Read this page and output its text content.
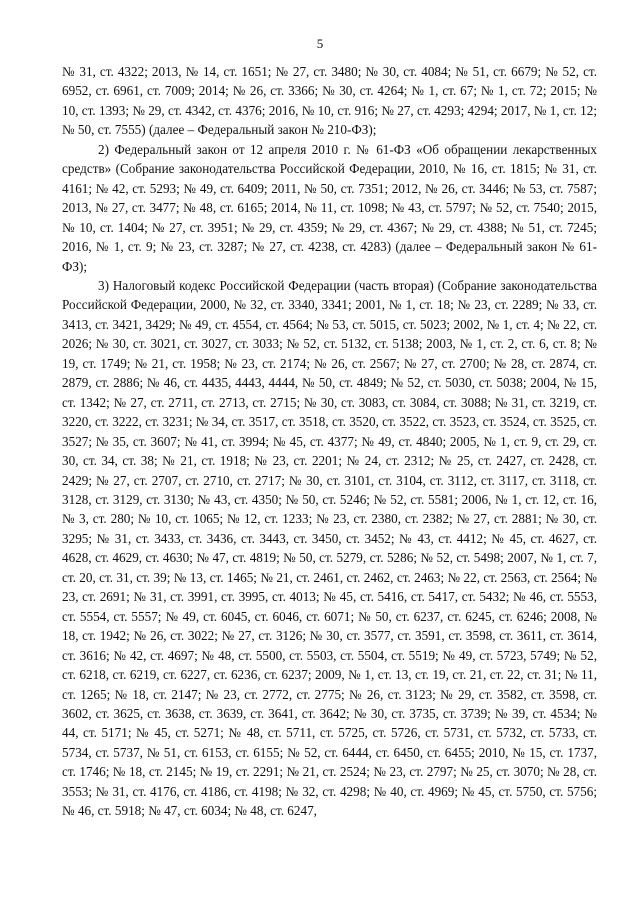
5

№ 31, ст. 4322; 2013, № 14, ст. 1651; № 27, ст. 3480; № 30, ст. 4084; № 51, ст. 6679; № 52, ст. 6952, ст. 6961, ст. 7009; 2014; № 26, ст. 3366; № 30, ст. 4264; № 1, ст. 67; № 1, ст. 72; 2015; № 10, ст. 1393; № 29, ст. 4342, ст. 4376; 2016, № 10, ст. 916; № 27, ст. 4293; 4294; 2017, № 1, ст. 12; № 50, ст. 7555) (далее – Федеральный закон № 210-ФЗ);

2) Федеральный закон от 12 апреля 2010 г. № 61-ФЗ «Об обращении лекарственных средств» (Собрание законодательства Российской Федерации, 2010, № 16, ст. 1815; № 31, ст. 4161; № 42, ст. 5293; № 49, ст. 6409; 2011, № 50, ст. 7351; 2012, № 26, ст. 3446; № 53, ст. 7587; 2013, № 27, ст. 3477; № 48, ст. 6165; 2014, № 11, ст. 1098; № 43, ст. 5797; № 52, ст. 7540; 2015, № 10, ст. 1404; № 27, ст. 3951; № 29, ст. 4359; № 29, ст. 4367; № 29, ст. 4388; № 51, ст. 7245; 2016, № 1, ст. 9; № 23, ст. 3287; № 27, ст. 4238, ст. 4283) (далее – Федеральный закон № 61-ФЗ);

3) Налоговый кодекс Российской Федерации (часть вторая) (Собрание законодательства Российской Федерации, 2000, № 32, ст. 3340, 3341; 2001, № 1, ст. 18; № 23, ст. 2289; № 33, ст. 3413, ст. 3421, 3429; № 49, ст. 4554, ст. 4564; № 53, ст. 5015, ст. 5023; 2002, № 1, ст. 4; № 22, ст. 2026; № 30, ст. 3021, ст. 3027, ст. 3033; № 52, ст. 5132, ст. 5138; 2003, № 1, ст. 2, ст. 6, ст. 8; № 19, ст. 1749; № 21, ст. 1958; № 23, ст. 2174; № 26, ст. 2567; № 27, ст. 2700; № 28, ст. 2874, ст. 2879, ст. 2886; № 46, ст. 4435, 4443, 4444, № 50, ст. 4849; № 52, ст. 5030, ст. 5038; 2004, № 15, ст. 1342; № 27, ст. 2711, ст. 2713, ст. 2715; № 30, ст. 3083, ст. 3084, ст. 3088; № 31, ст. 3219, ст. 3220, ст. 3222, ст. 3231; № 34, ст. 3517, ст. 3518, ст. 3520, ст. 3522, ст. 3523, ст. 3524, ст. 3525, ст. 3527; № 35, ст. 3607; № 41, ст. 3994; № 45, ст. 4377; № 49, ст. 4840; 2005, № 1, ст. 9, ст. 29, ст. 30, ст. 34, ст. 38; № 21, ст. 1918; № 23, ст. 2201; № 24, ст. 2312; № 25, ст. 2427, ст. 2428, ст. 2429; № 27, ст. 2707, ст. 2710, ст. 2717; № 30, ст. 3101, ст. 3104, ст. 3112, ст. 3117, ст. 3118, ст. 3128, ст. 3129, ст. 3130; № 43, ст. 4350; № 50, ст. 5246; № 52, ст. 5581; 2006, № 1, ст. 12, ст. 16, № 3, ст. 280; № 10, ст. 1065; № 12, ст. 1233; № 23, ст. 2380, ст. 2382; № 27, ст. 2881; № 30, ст. 3295; № 31, ст. 3433, ст. 3436, ст. 3443, ст. 3450, ст. 3452; № 43, ст. 4412; № 45, ст. 4627, ст. 4628, ст. 4629, ст. 4630; № 47, ст. 4819; № 50, ст. 5279, ст. 5286; № 52, ст. 5498; 2007, № 1, ст. 7, ст. 20, ст. 31, ст. 39; № 13, ст. 1465; № 21, ст. 2461, ст. 2462, ст. 2463; № 22, ст. 2563, ст. 2564; № 23, ст. 2691; № 31, ст. 3991, ст. 3995, ст. 4013; № 45, ст. 5416, ст. 5417, ст. 5432; № 46, ст. 5553, ст. 5554, ст. 5557; № 49, ст. 6045, ст. 6046, ст. 6071; № 50, ст. 6237, ст. 6245, ст. 6246; 2008, № 18, ст. 1942; № 26, ст. 3022; № 27, ст. 3126; № 30, ст. 3577, ст. 3591, ст. 3598, ст. 3611, ст. 3614, ст. 3616; № 42, ст. 4697; № 48, ст. 5500, ст. 5503, ст. 5504, ст. 5519; № 49, ст. 5723, 5749; № 52, ст. 6218, ст. 6219, ст. 6227, ст. 6236, ст. 6237; 2009, № 1, ст. 13, ст. 19, ст. 21, ст. 22, ст. 31; № 11, ст. 1265; № 18, ст. 2147; № 23, ст. 2772, ст. 2775; № 26, ст. 3123; № 29, ст. 3582, ст. 3598, ст. 3602, ст. 3625, ст. 3638, ст. 3639, ст. 3641, ст. 3642; № 30, ст. 3735, ст. 3739; № 39, ст. 4534; № 44, ст. 5171; № 45, ст. 5271; № 48, ст. 5711, ст. 5725, ст. 5726, ст. 5731, ст. 5732, ст. 5733, ст. 5734, ст. 5737, № 51, ст. 6153, ст. 6155; № 52, ст. 6444, ст. 6450, ст. 6455; 2010, № 15, ст. 1737, ст. 1746; № 18, ст. 2145; № 19, ст. 2291; № 21, ст. 2524; № 23, ст. 2797; № 25, ст. 3070; № 28, ст. 3553; № 31, ст. 4176, ст. 4186, ст. 4198; № 32, ст. 4298; № 40, ст. 4969; № 45, ст. 5750, ст. 5756; № 46, ст. 5918; № 47, ст. 6034; № 48, ст. 6247,
